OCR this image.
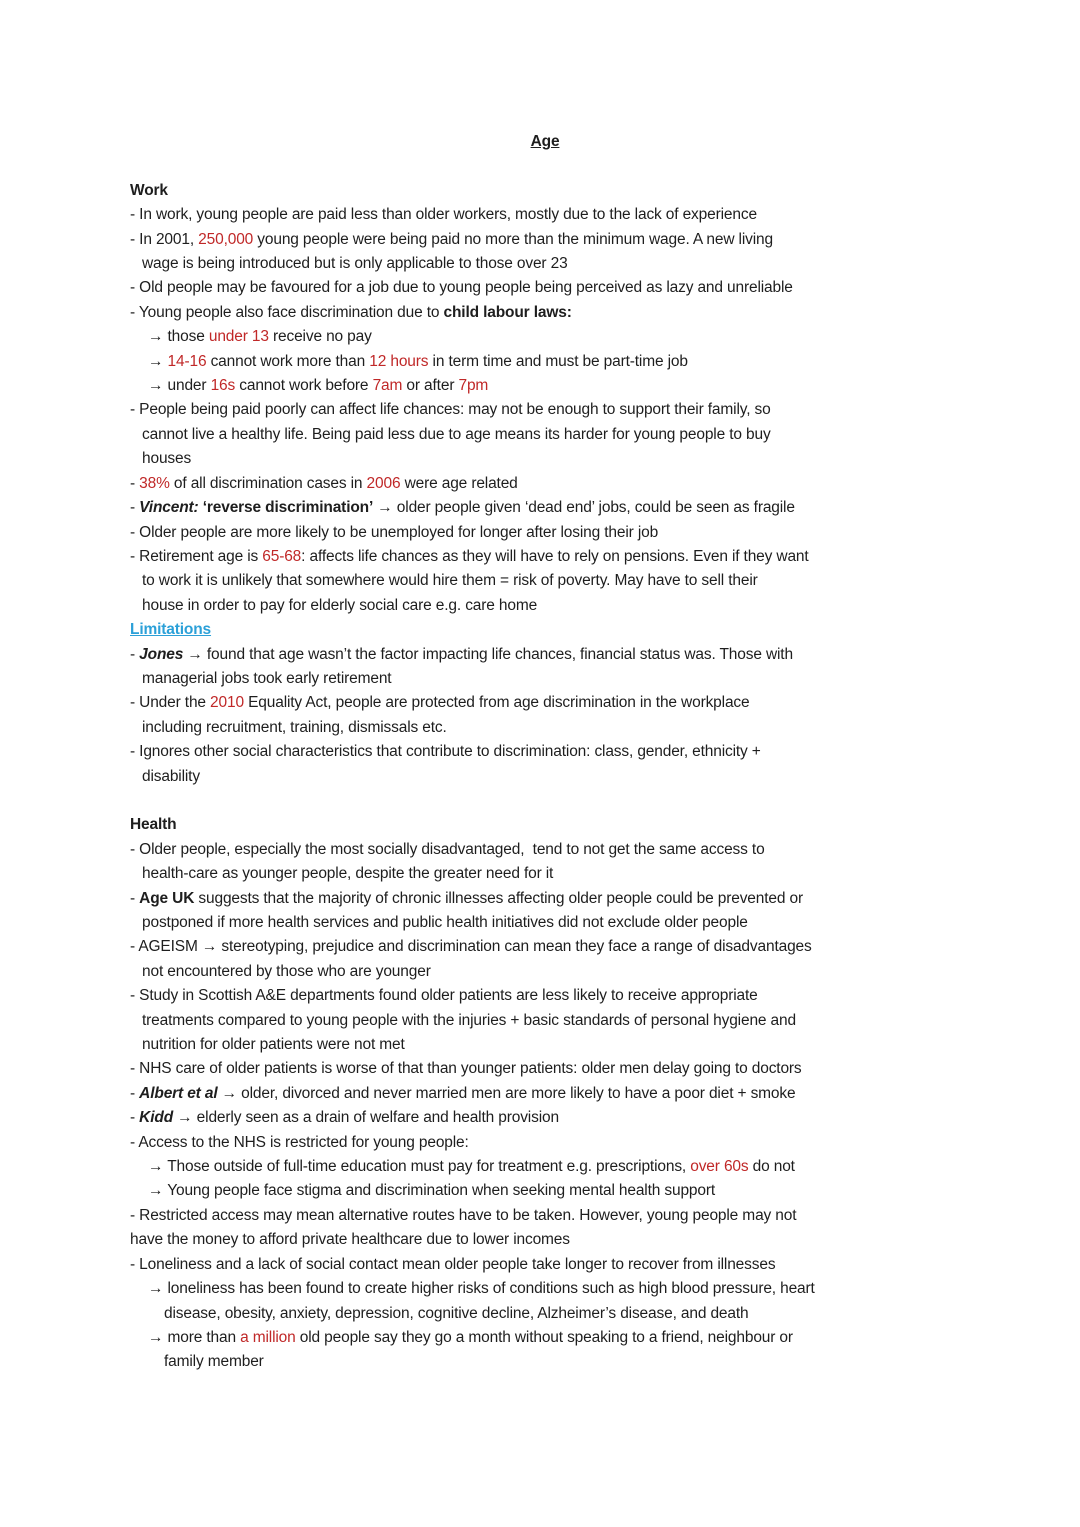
Age

Work
- In work, young people are paid less than older workers, mostly due to the lack of experience
- In 2001, 250,000 young people were being paid no more than the minimum wage. A new living
wage is being introduced but is only applicable to those over 23
- Old people may be favoured for a job due to young people being perceived as lazy and unreliable
- Young people also face discrimination due to child labour laws:
→ those under 13 receive no pay
→ 14-16 cannot work more than 12 hours in term time and must be part-time job
→ under 16s cannot work before 7am or after 7pm
- People being paid poorly can affect life chances: may not be enough to support their family, so
cannot live a healthy life. Being paid less due to age means its harder for young people to buy
houses
- 38% of all discrimination cases in 2006 were age related
- Vincent: ‘reverse discrimination’ → older people given ‘dead end’ jobs, could be seen as fragile
- Older people are more likely to be unemployed for longer after losing their job
- Retirement age is 65-68: affects life chances as they will have to rely on pensions. Even if they want
to work it is unlikely that somewhere would hire them = risk of poverty. May have to sell their
house in order to pay for elderly social care e.g. care home
Limitations
- Jones → found that age wasn’t the factor impacting life chances, financial status was. Those with
managerial jobs took early retirement
- Under the 2010 Equality Act, people are protected from age discrimination in the workplace
including recruitment, training, dismissals etc.
- Ignores other social characteristics that contribute to discrimination: class, gender, ethnicity +
disability

Health
- Older people, especially the most socially disadvantaged,  tend to not get the same access to
health-care as younger people, despite the greater need for it
- Age UK suggests that the majority of chronic illnesses affecting older people could be prevented or
postponed if more health services and public health initiatives did not exclude older people
- AGEISM → stereotyping, prejudice and discrimination can mean they face a range of disadvantages
not encountered by those who are younger
- Study in Scottish A&E departments found older patients are less likely to receive appropriate
treatments compared to young people with the injuries + basic standards of personal hygiene and
nutrition for older patients were not met
- NHS care of older patients is worse of that than younger patients: older men delay going to doctors
- Albert et al → older, divorced and never married men are more likely to have a poor diet + smoke
- Kidd → elderly seen as a drain of welfare and health provision
- Access to the NHS is restricted for young people:
→ Those outside of full-time education must pay for treatment e.g. prescriptions, over 60s do not
→ Young people face stigma and discrimination when seeking mental health support
- Restricted access may mean alternative routes have to be taken. However, young people may not
have the money to afford private healthcare due to lower incomes
- Loneliness and a lack of social contact mean older people take longer to recover from illnesses
→ loneliness has been found to create higher risks of conditions such as high blood pressure, heart
disease, obesity, anxiety, depression, cognitive decline, Alzheimer’s disease, and death
→ more than a million old people say they go a month without speaking to a friend, neighbour or
family member
